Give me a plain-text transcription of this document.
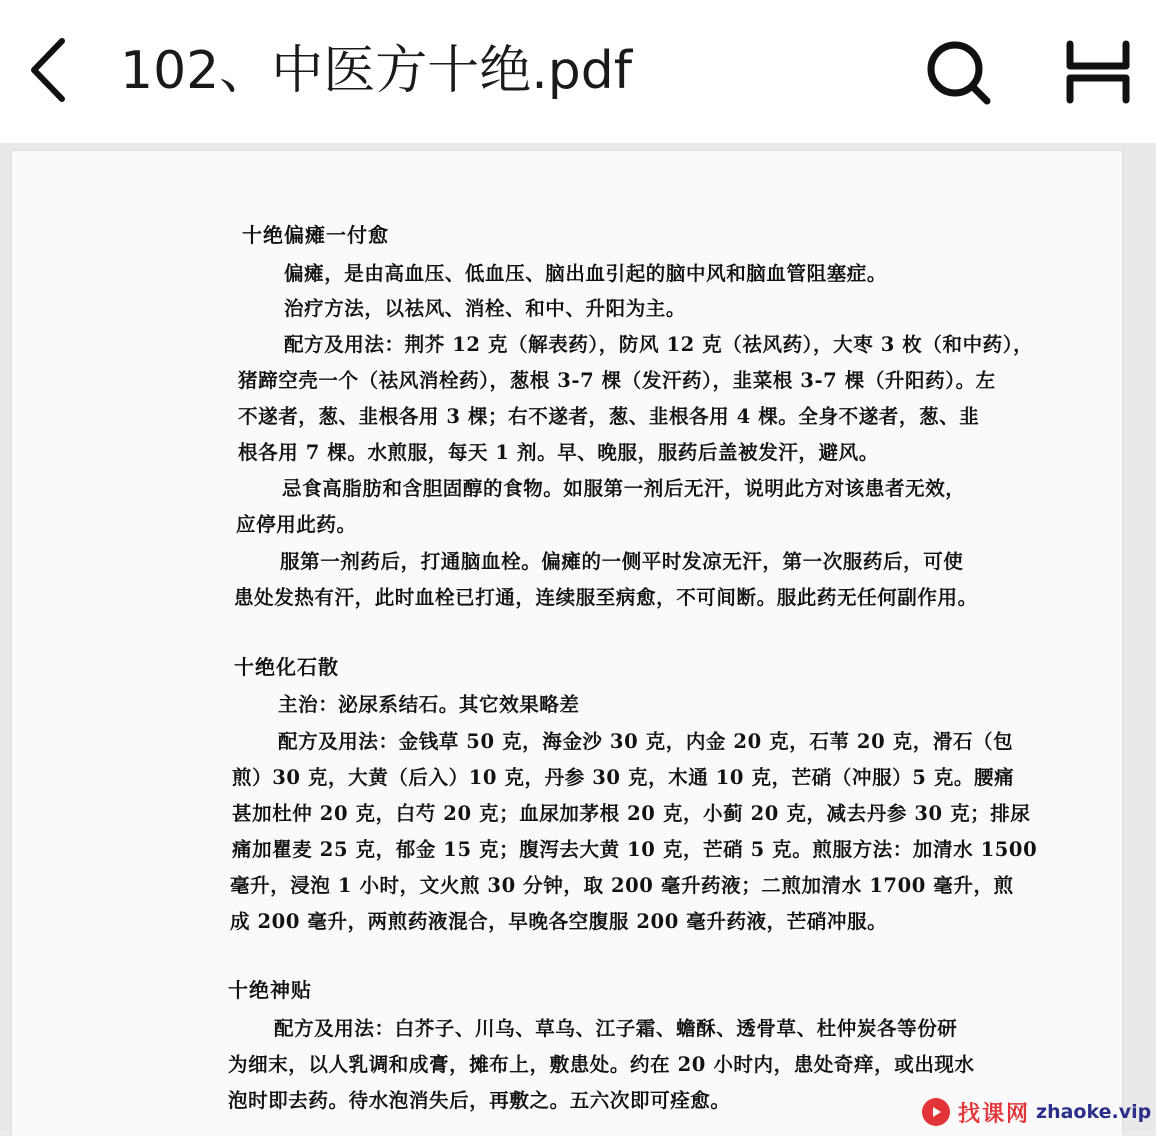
102、中医方十绝.pdf
十绝偏瘫一付愈
偏瘫，是由高血压、低血压、脑出血引起的脑中风和脑血管阻塞症。
治疗方法，以祛风、消栓、和中、升阳为主。
配方及用法：荆芥 12 克（解表药），防风 12 克（祛风药），大枣 3 枚（和中药），
猪蹄空壳一个（祛风消栓药），葱根 3-7 棵（发汗药），韭菜根 3-7 棵（升阳药）。左
不遂者，葱、韭根各用 3 棵；右不遂者，葱、韭根各用 4 棵。全身不遂者，葱、韭
根各用 7 棵。水煎服，每天 1 剂。早、晚服，服药后盖被发汗，避风。
忌食高脂肪和含胆固醇的食物。如服第一剂后无汗，说明此方对该患者无效，
应停用此药。
服第一剂药后，打通脑血栓。偏瘫的一侧平时发凉无汗，第一次服药后，可使
患处发热有汗，此时血栓已打通，连续服至病愈，不可间断。服此药无任何副作用。
十绝化石散
主治：泌尿系结石。其它效果略差
配方及用法：金钱草 50 克，海金沙 30 克，内金 20 克，石苇 20 克，滑石（包
煎）30 克，大黄（后入）10 克，丹参 30 克，木通 10 克，芒硝（冲服）5 克。腰痛
甚加杜仲 20 克，白芍 20 克；血尿加茅根 20 克，小蓟 20 克，减去丹参 30 克；排尿
痛加瞿麦 25 克，郁金 15 克；腹泻去大黄 10 克，芒硝 5 克。煎服方法：加清水 1500
毫升，浸泡 1 小时，文火煎 30 分钟，取 200 毫升药液；二煎加清水 1700 毫升，煎
成 200 毫升，两煎药液混合，早晚各空腹服 200 毫升药液，芒硝冲服。
十绝神贴
配方及用法：白芥子、川乌、草乌、江子霜、蟾酥、透骨草、杜仲炭各等份研
为细末，以人乳调和成膏，摊布上，敷患处。约在 20 小时内，患处奇痒，或出现水
泡时即去药。待水泡消失后，再敷之。五六次即可痊愈。
找课网 zhaoke.vip
